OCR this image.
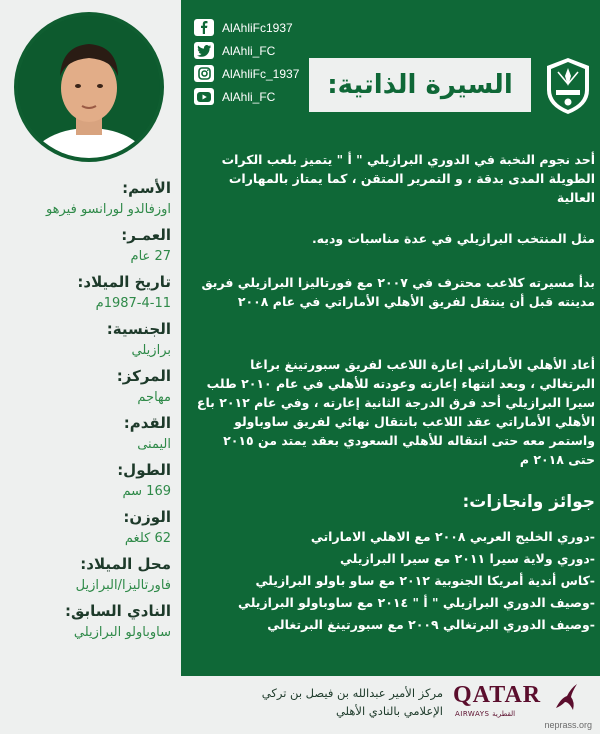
الأسم:
اوزفالدو لورانسو فيرهو
العمـر:
27 عام
تاريخ الميلاد:
1987-4-11م
الجنسية:
برازيلي
المركز:
مهاجم
القدم:
اليمنى
الطول:
169 سم
الوزن:
62 كلغم
محل الميلاد:
فاورتاليزا/البرازيل
النادي السابق:
ساوباولو البرازيلي
AlAhliFc1937
AlAhli_FC
AlAhliFc_1937
AlAhli_FC السيرة الذاتية:

أحد نجوم النخبة في الدوري البرازيلي " أ " يتميز بلعب الكرات الطويلة المدى بدقة ، و التمرير المتقن ، كما يمتاز بالمهارات العالية

مثل المنتخب البرازيلي في عدة مناسبات وديه.

بدأ مسيرته كلاعب محترف في ٢٠٠٧ مع فورتاليزا البرازيلي فريق مدينته قبل أن ينتقل لفريق الأهلي الأماراتي في عام ٢٠٠٨

أعاد الأهلي الأماراتي إعارة اللاعب لفريق سبورتينغ براغا البرتغالي ، وبعد انتهاء إعارته وعودته للأهلي في عام ٢٠١٠ طلب سيرا البرازيلي أحد فرق الدرجة الثانية إعارته ، وفي عام ٢٠١٢ باع الأهلي الأماراتي عقد اللاعب بانتقال نهائي لفريق ساوباولو واستمر معه حتى انتقاله للأهلي السعودي بعقد يمتد من ٢٠١٥ حتى ٢٠١٨ م

جوائز وانجازات:
-دوري الخليج العربي ٢٠٠٨ مع الاهلي الاماراتي
-دوري ولاية سيرا ٢٠١١ مع سيرا البرازيلي
-كاس أندية أمريكا الجنوبية ٢٠١٢ مع ساو باولو البرازيلي
-وصيف الدوري البرازيلي " أ " ٢٠١٤ مع ساوباولو البرازيلي
-وصيف الدوري البرتغالي ٢٠٠٩ مع سبورتينغ البرتغالي
مركز الأمير عبدالله بن فيصل بن تركي
الإعلامي بالنادي الأهلي
QATAR
AIRWAYS القطرية
neprass.org
